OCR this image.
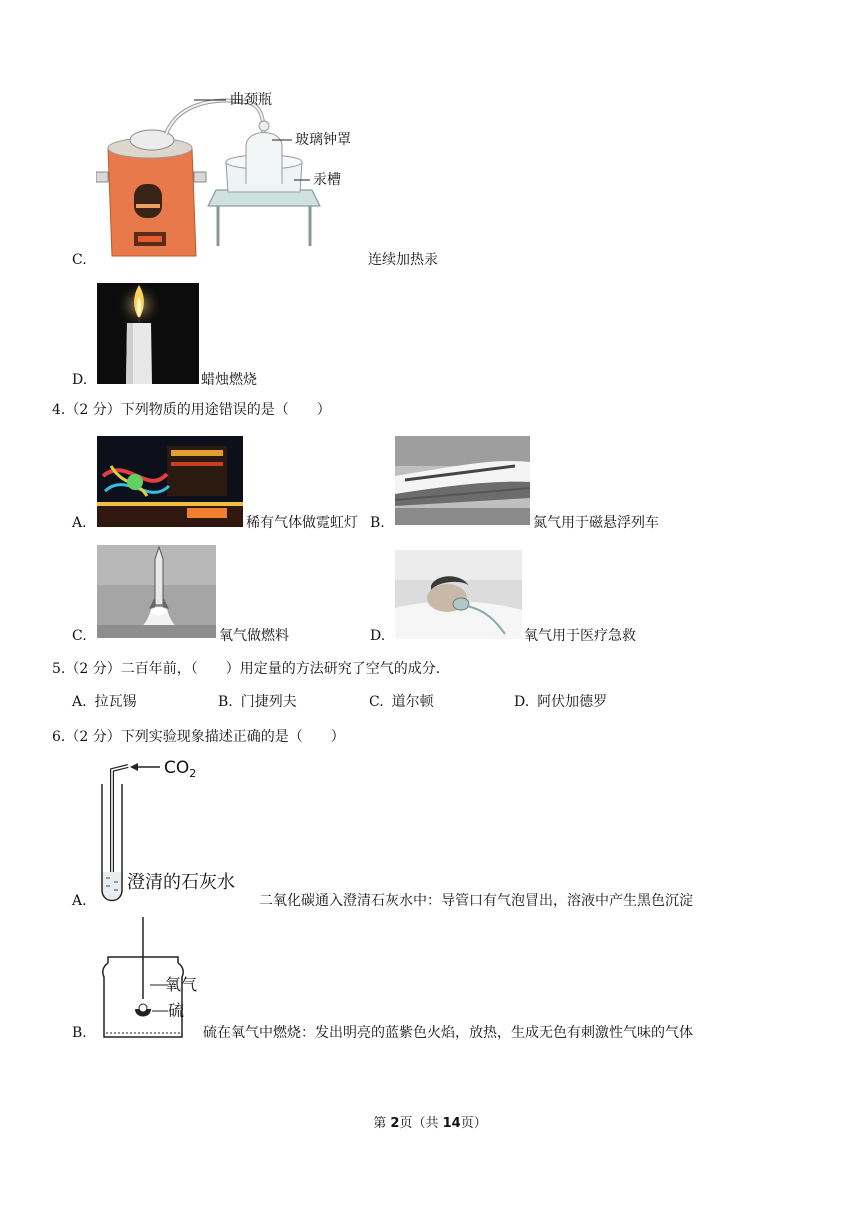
曲颈瓶
玻璃钟罩
汞槽
C.	连续加热汞
D.	蜡烛燃烧
4.（2 分）下列物质的用途错误的是（　　）
A.	稀有气体做霓虹灯 B.	氮气用于磁悬浮列车
C.	氧气做燃料	D.	氧气用于医疗急救
5.（2 分）二百年前，（　　）用定量的方法研究了空气的成分.
A. 拉瓦锡	B. 门捷列夫	C. 道尔顿	D. 阿伏加德罗
6.（2 分）下列实验现象描述正确的是（　　）
$CO_2$
澄清的石灰水
A.	二氧化碳通入澄清石灰水中：导管口有气泡冒出，溶液中产生黑色沉淀
氧气
硫
B.	硫在氧气中燃烧：发出明亮的蓝紫色火焰，放热，生成无色有刺激性气味的气体
第 2页（共 14页）
